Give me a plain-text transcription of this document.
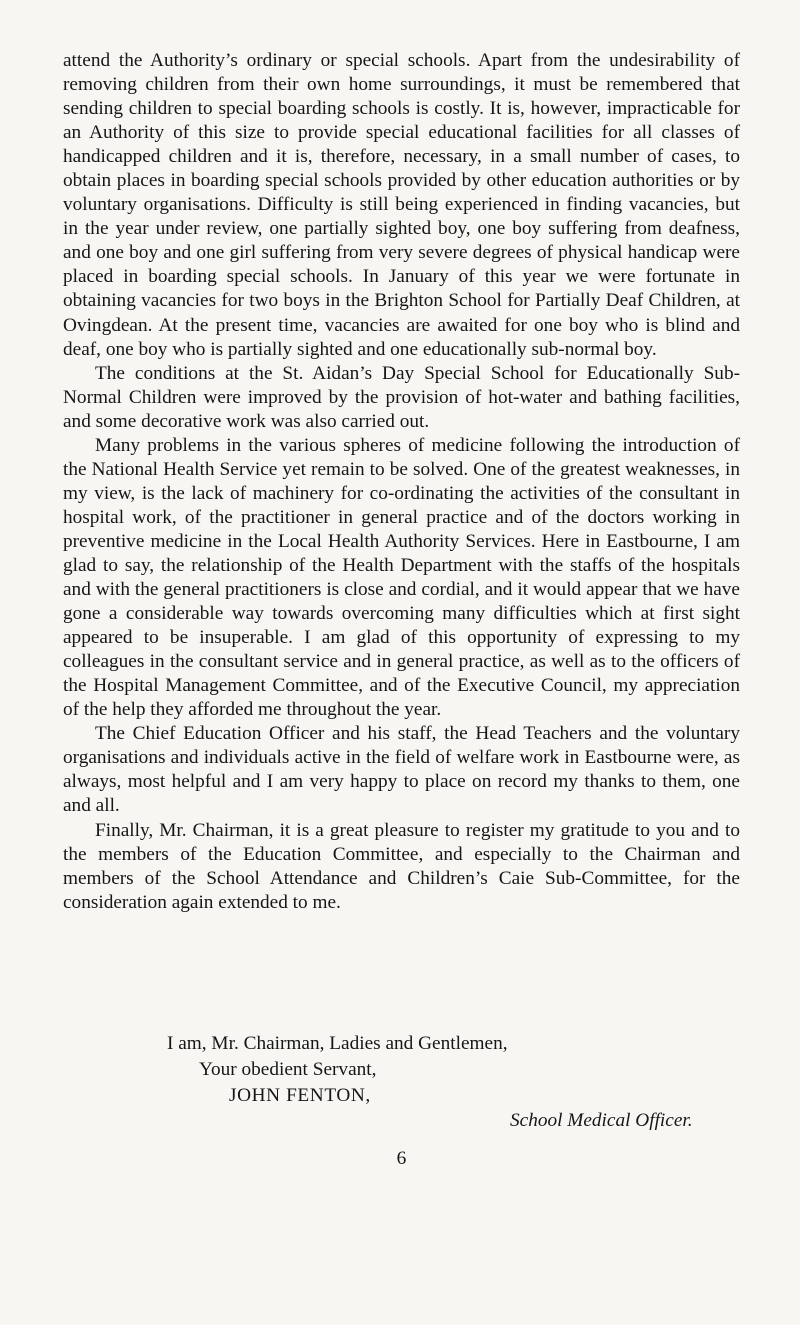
attend the Authority’s ordinary or special schools. Apart from the undesirability of removing children from their own home surroundings, it must be remembered that sending children to special boarding schools is costly. It is, however, impracticable for an Authority of this size to provide special educational facilities for all classes of handicapped children and it is, therefore, necessary, in a small number of cases, to obtain places in boarding special schools provided by other education authorities or by voluntary organisations. Difficulty is still being experienced in finding vacancies, but in the year under review, one partially sighted boy, one boy suffering from deafness, and one boy and one girl suffering from very severe degrees of physical handicap were placed in boarding special schools. In January of this year we were fortunate in obtaining vacancies for two boys in the Brighton School for Partially Deaf Children, at Ovingdean. At the present time, vacancies are awaited for one boy who is blind and deaf, one boy who is partially sighted and one educationally sub-normal boy.

The conditions at the St. Aidan’s Day Special School for Educationally Sub-Normal Children were improved by the provision of hot-water and bathing facilities, and some decorative work was also carried out.

Many problems in the various spheres of medicine following the introduction of the National Health Service yet remain to be solved. One of the greatest weaknesses, in my view, is the lack of machinery for co-ordinating the activities of the consultant in hospital work, of the practitioner in general practice and of the doctors working in preventive medicine in the Local Health Authority Services. Here in Eastbourne, I am glad to say, the relationship of the Health Department with the staffs of the hospitals and with the general practitioners is close and cordial, and it would appear that we have gone a considerable way towards overcoming many difficulties which at first sight appeared to be insuperable. I am glad of this opportunity of expressing to my colleagues in the consultant service and in general practice, as well as to the officers of the Hospital Management Committee, and of the Executive Council, my appreciation of the help they afforded me throughout the year.

The Chief Education Officer and his staff, the Head Teachers and the voluntary organisations and individuals active in the field of welfare work in Eastbourne were, as always, most helpful and I am very happy to place on record my thanks to them, one and all.

Finally, Mr. Chairman, it is a great pleasure to register my gratitude to you and to the members of the Education Committee, and especially to the Chairman and members of the School Attendance and Children’s Caie Sub-Committee, for the consideration again extended to me.

I am, Mr. Chairman, Ladies and Gentlemen,
Your obedient Servant,
JOHN FENTON,
School Medical Officer.
6
